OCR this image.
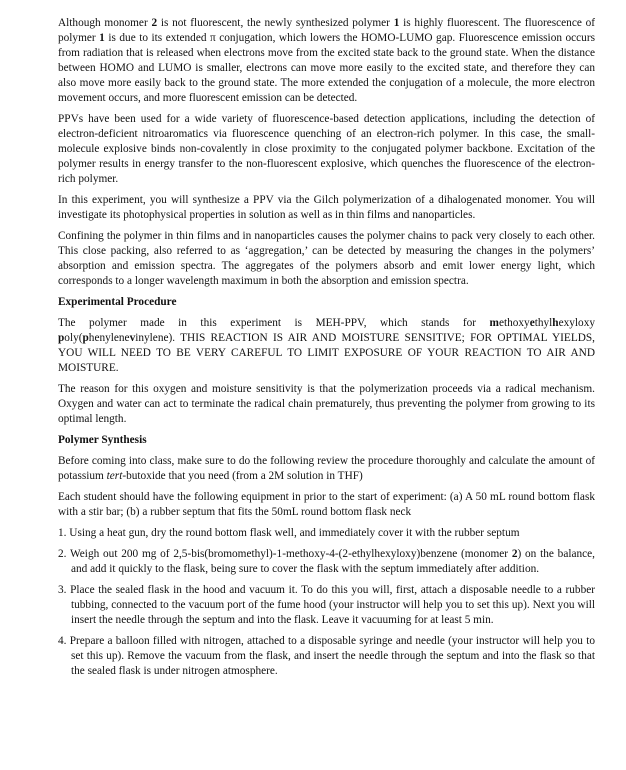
Although monomer 2 is not fluorescent, the newly synthesized polymer 1 is highly fluorescent. The fluorescence of polymer 1 is due to its extended π conjugation, which lowers the HOMO-LUMO gap. Fluorescence emission occurs from radiation that is released when electrons move from the excited state back to the ground state. When the distance between HOMO and LUMO is smaller, electrons can move more easily to the excited state, and therefore they can also move more easily back to the ground state. The more extended the conjugation of a molecule, the more electron movement occurs, and more fluorescent emission can be detected.

PPVs have been used for a wide variety of fluorescence-based detection applications, including the detection of electron-deficient nitroaromatics via fluorescence quenching of an electron-rich polymer. In this case, the small-molecule explosive binds non-covalently in close proximity to the conjugated polymer backbone. Excitation of the polymer results in energy transfer to the non-fluorescent explosive, which quenches the fluorescence of the electron-rich polymer.

In this experiment, you will synthesize a PPV via the Gilch polymerization of a dihalogenated monomer. You will investigate its photophysical properties in solution as well as in thin films and nanoparticles.

Confining the polymer in thin films and in nanoparticles causes the polymer chains to pack very closely to each other. This close packing, also referred to as ‘aggregation,’ can be detected by measuring the changes in the polymers’ absorption and emission spectra. The aggregates of the polymers absorb and emit lower energy light, which corresponds to a longer wavelength maximum in both the absorption and emission spectra.

Experimental Procedure

The polymer made in this experiment is MEH-PPV, which stands for methoxyethylhexyloxy poly(phenylenevinylene). THIS REACTION IS AIR AND MOISTURE SENSITIVE; FOR OPTIMAL YIELDS, YOU WILL NEED TO BE VERY CAREFUL TO LIMIT EXPOSURE OF YOUR REACTION TO AIR AND MOISTURE.

The reason for this oxygen and moisture sensitivity is that the polymerization proceeds via a radical mechanism. Oxygen and water can act to terminate the radical chain prematurely, thus preventing the polymer from growing to its optimal length.

Polymer Synthesis

Before coming into class, make sure to do the following review the procedure thoroughly and calculate the amount of potassium tert-butoxide that you need (from a 2M solution in THF)

Each student should have the following equipment in prior to the start of experiment: (a) A 50 mL round bottom flask with a stir bar; (b) a rubber septum that fits the 50mL round bottom flask neck

1. Using a heat gun, dry the round bottom flask well, and immediately cover it with the rubber septum

2. Weigh out 200 mg of 2,5-bis(bromomethyl)-1-methoxy-4-(2-ethylhexyloxy)benzene (monomer 2) on the balance, and add it quickly to the flask, being sure to cover the flask with the septum immediately after addition.

3. Place the sealed flask in the hood and vacuum it. To do this you will, first, attach a disposable needle to a rubber tubbing, connected to the vacuum port of the fume hood (your instructor will help you to set this up). Next you will insert the needle through the septum and into the flask. Leave it vacuuming for at least 5 min.

4. Prepare a balloon filled with nitrogen, attached to a disposable syringe and needle (your instructor will help you to set this up). Remove the vacuum from the flask, and insert the needle through the septum and into the flask so that the sealed flask is under nitrogen atmosphere.
